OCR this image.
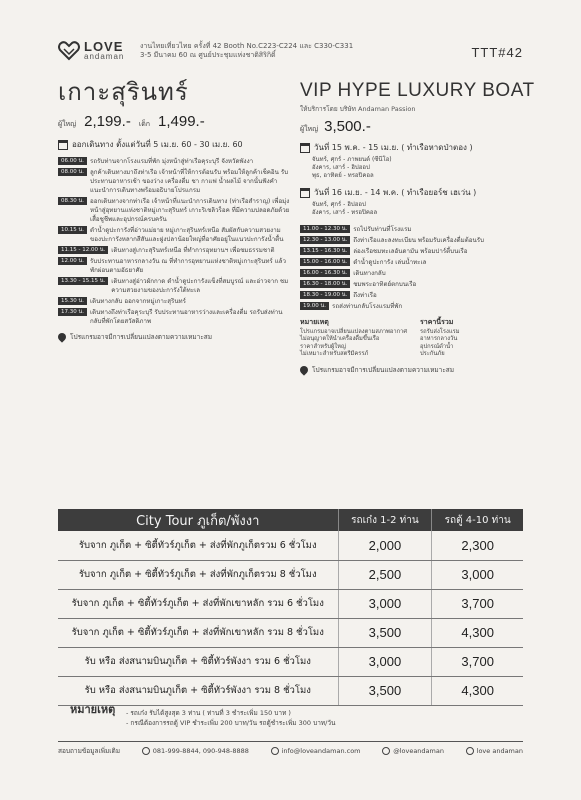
LOVE
andaman
งานไทยเที่ยวไทย ครั้งที่ 42 Booth No.C223-C224 และ C330-C331
3-5 มีนาคม 60 ณ ศูนย์ประชุมแห่งชาติสิริกิติ์	TTT#42
เกาะสุรินทร์
ผู้ใหญ่ 2,199.- เด็ก 1,499.-
ออกเดินทาง ตั้งแต่วันที่ 5 เม.ย. 60 - 30 เม.ย. 60
06.00 น. รถรับท่านจากโรงแรมที่พัก มุ่งหน้าสู่ท่าเรือคุระบุรี จังหวัดพังงา
08.00 น. ลูกค้าเดินทางมาถึงท่าเรือ เจ้าหน้าที่ให้การต้อนรับ พร้อมให้ลูกค้าเช็คอิน รับประทานอาหารเช้า ของว่าง เครื่องดื่ม ชา กาแฟ น้ำผลไม้ จากนั้นฟังคำแนะนำการเดินทางพร้อมอธิบายโปรแกรม
08.30 น. ออกเดินทางจากท่าเรือ เจ้าหน้าที่แนะนำการเดินทาง (ท่าเรือสำราญ) เพื่อมุ่งหน้าสู่อุทยานแห่งชาติหมู่เกาะสุรินทร์ เกาะริเชลิวร็อค ที่มีความปลอดภัยด้วยเสื้อชูชีพและอุปกรณ์ครบครัน
10.15 น. ดำน้ำดูปะการังที่อ่าวแม่ยาย หมู่เกาะสุรินทร์เหนือ สัมผัสกับความสวยงามของปะการังหลากสีสันและฝูงปลาน้อยใหญ่ที่อาศัยอยู่ในแนวปะการังน้ำตื้น
11.15 - 12.00 น. เดินทางสู่เกาะสุรินทร์เหนือ ที่ทำการอุทยานฯ เพื่อชมธรรมชาติ
12.00 น. รับประทานอาหารกลางวัน ณ ที่ทำการอุทยานแห่งชาติหมู่เกาะสุรินทร์ แล้วพักผ่อนตามอัธยาศัย
13.30 - 15.15 น. เดินทางสู่อ่าวผักกาด ดำน้ำดูปะการังแข็งที่สมบูรณ์ และอ่าวจาก ชมความสวยงามของปะการังใต้ทะเล
15.30 น. เดินทางกลับ ออกจากหมู่เกาะสุรินทร์
17.30 น. เดินทางถึงท่าเรือคุระบุรี รับประทานอาหารว่างและเครื่องดื่ม รถรับส่งท่านกลับที่พักโดยสวัสดิภาพ
โปรแกรมอาจมีการเปลี่ยนแปลงตามความเหมาะสม
VIP HYPE LUXURY BOAT
ให้บริการโดย บริษัท Andaman Passion
ผู้ใหญ่ 3,500.-
วันที่ 15 พ.ค. - 15 เม.ย. ( ทำเรือหาดป่าตอง )
จันทร์, ศุกร์ - ภาพยนต์ (ซีนีโอ)
อังคาร, เสาร์ - ฮิปฮอป
พุธ, อาทิตย์ - ทรอปิคอล
วันที่ 16 เม.ย. - 14 พ.ค. ( ทำเรือยอร์ช เฮเว่น )
จันทร์, ศุกร์ - ฮิปฮอป
อังคาร, เสาร์ - ทรอปิคอล
11.00 - 12.30 น. รถไปรับท่านที่โรงแรม
12.30 - 13.00 น. ถึงท่าเรือและลงทะเบียน พร้อมรับเครื่องดื่มต้อนรับ
13.15 - 16.30 น. ล่องเรือชมทะเลอันดามัน พร้อมปาร์ตี้บนเรือ
15.00 - 16.00 น. ดำน้ำดูปะการัง เล่นน้ำทะเล
16.00 - 16.30 น. เดินทางกลับ
16.30 - 18.00 น. ชมพระอาทิตย์ตกบนเรือ
18.30 - 19.00 น. ถึงท่าเรือ
19.00 น. รถส่งท่านกลับโรงแรมที่พัก
หมายเหตุ
โปรแกรมอาจเปลี่ยนแปลงตามสภาพอากาศ
ไม่อนุญาตให้นำเครื่องดื่มขึ้นเรือ
ราคาสำหรับผู้ใหญ่
ไม่เหมาะสำหรับสตรีมีครรภ์
ราคานี้รวม
รถรับส่งโรงแรม
อาหารกลางวัน
อุปกรณ์ดำน้ำ
ประกันภัย
โปรแกรมอาจมีการเปลี่ยนแปลงตามความเหมาะสม
City Tour ภูเก็ต/พังงา	รถเก๋ง 1-2 ท่าน	รถตู้ 4-10 ท่าน
รับจาก ภูเก็ต + ซิตี้ทัวร์ภูเก็ต + ส่งที่พักภูเก็ตรวม 6 ชั่วโมง	2,000	2,300
รับจาก ภูเก็ต + ซิตี้ทัวร์ภูเก็ต + ส่งที่พักภูเก็ตรวม 8 ชั่วโมง	2,500	3,000
รับจาก ภูเก็ต + ซิตี้ทัวร์ภูเก็ต + ส่งที่พักเขาหลัก รวม 6 ชั่วโมง	3,000	3,700
รับจาก ภูเก็ต + ซิตี้ทัวร์ภูเก็ต + ส่งที่พักเขาหลัก รวม 8 ชั่วโมง	3,500	4,300
รับ หรือ ส่งสนามบินภูเก็ต + ซิตี้ทัวร์พังงา รวม 6 ชั่วโมง	3,000	3,700
รับ หรือ ส่งสนามบินภูเก็ต + ซิตี้ทัวร์พังงา รวม 8 ชั่วโมง	3,500	4,300
หมายเหตุ	- รถเก๋ง รับได้สูงสุด 3 ท่าน ( ท่านที่ 3 ชำระเพิ่ม 150 บาท )
- กรณีต้องการรถตู้ VIP ชำระเพิ่ม 200 บาท/วัน รถตู้ชำระเพิ่ม 300 บาท/วัน
สอบถามข้อมูลเพิ่มเติม	081-999-8844, 090-948-8888	info@loveandaman.com	@loveandaman	love andaman
